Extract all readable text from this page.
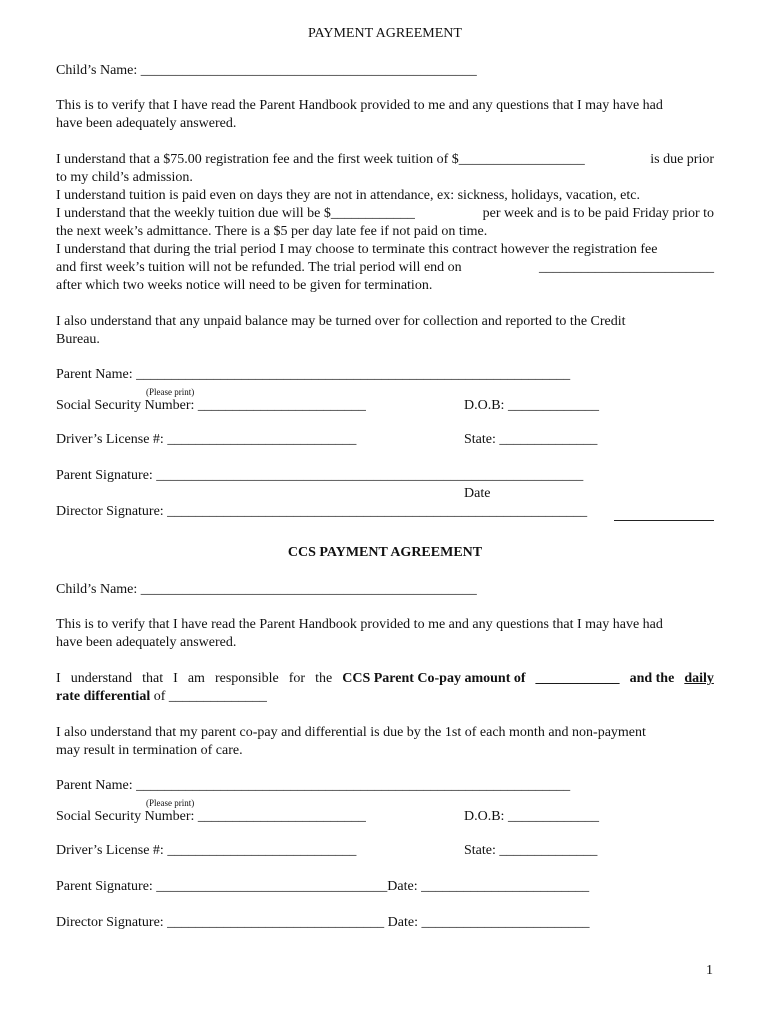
PAYMENT AGREEMENT
Child’s Name: ________________________________________________
This is to verify that I have read the Parent Handbook provided to me and any questions that I may have had
have been adequately answered.
I understand that a $75.00 registration fee and the first week tuition of $__________________	is due prior
to my child’s admission.
I understand tuition is paid even on days they are not in attendance, ex: sickness, holidays, vacation, etc.
I understand that the weekly tuition due will be $____________	per week and is to be paid Friday prior to
the next week’s admittance. There is a $5 per day late fee if not paid on time.
I understand that during the trial period I may choose to terminate this contract however the registration fee
and first week’s tuition will not be refunded. The trial period will end on	_________________________
after which two weeks notice will need to be given for termination.
I also understand that any unpaid balance may be turned over for collection and reported to the Credit
Bureau.
Parent Name: ______________________________________________________________
(Please print)
Social Security Number: ________________________	D.O.B: _____________
Driver’s License #: ___________________________	State: ______________
Parent Signature: _____________________________________________________________
Date
Director Signature: ____________________________________________________________
CCS PAYMENT AGREEMENT
Child’s Name: ________________________________________________
This is to verify that I have read the Parent Handbook provided to me and any questions that I may have had
have been adequately answered.
I understand that I am responsible for the CCS Parent Co-pay amount of ____________ and the daily
rate differential of ______________
I also understand that my parent co-pay and differential is due by the 1st of each month and non-payment
may result in termination of care.
Parent Name: ______________________________________________________________
(Please print)
Social Security Number: ________________________	D.O.B: _____________
Driver’s License #: ___________________________	State: ______________
Parent Signature: _________________________________Date: ________________________
Director Signature: _______________________________ Date: ________________________
1
